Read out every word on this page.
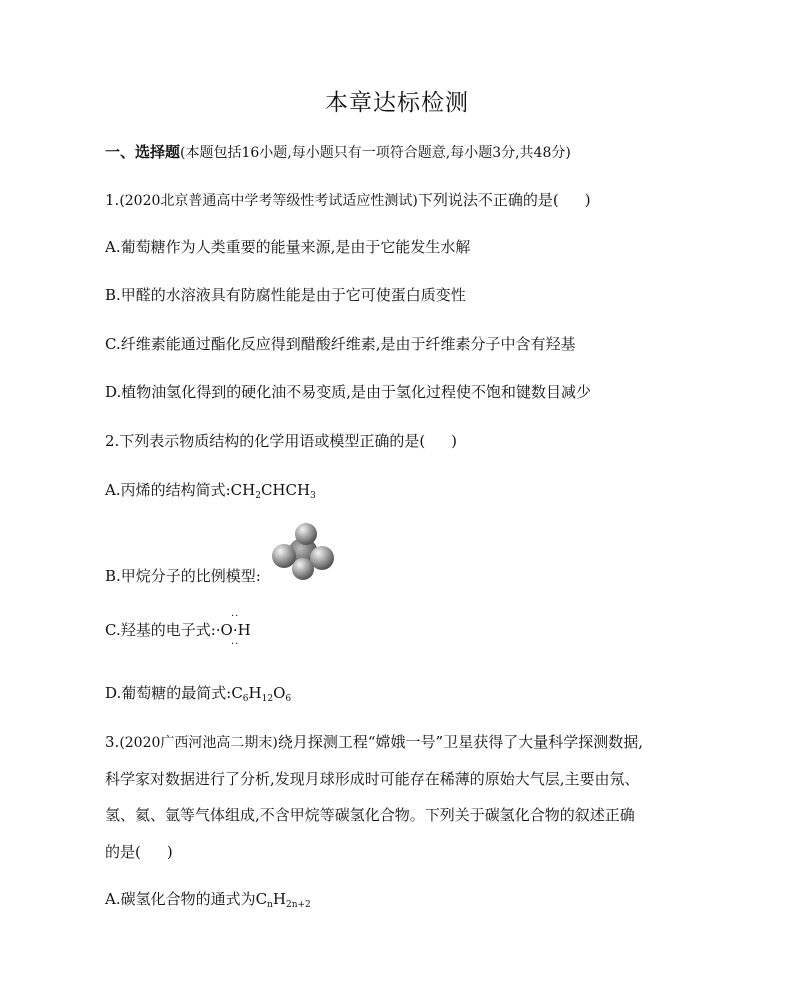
本章达标检测
一、选择题(本题包括16小题,每小题只有一项符合题意,每小题3分,共48分)
1.(2020北京普通高中学考等级性考试适应性测试)下列说法不正确的是( )
A.葡萄糖作为人类重要的能量来源,是由于它能发生水解
B.甲醛的水溶液具有防腐性能是由于它可使蛋白质变性
C.纤维素能通过酯化反应得到醋酸纤维素,是由于纤维素分子中含有羟基
D.植物油氢化得到的硬化油不易变质,是由于氢化过程使不饱和键数目减少
2.下列表示物质结构的化学用语或模型正确的是( )
A.丙烯的结构简式$:CH_2CHCH_3$
B.甲烷分子的比例模型:
C.羟基的电子式:·O·H
··
··
D.葡萄糖的最简式$:C_6H_{12}O_6$
3.(2020广西河池高二期末)绕月探测工程“嫦娥一号”卫星获得了大量科学探测数据,
科学家对数据进行了分析,发现月球形成时可能存在稀薄的原始大气层,主要由氖、
氢、氦、氩等气体组成,不含甲烷等碳氢化合物。下列关于碳氢化合物的叙述正确
的是( )
A.碳氢化合物的通式为$C_nH_{2n+2}$
